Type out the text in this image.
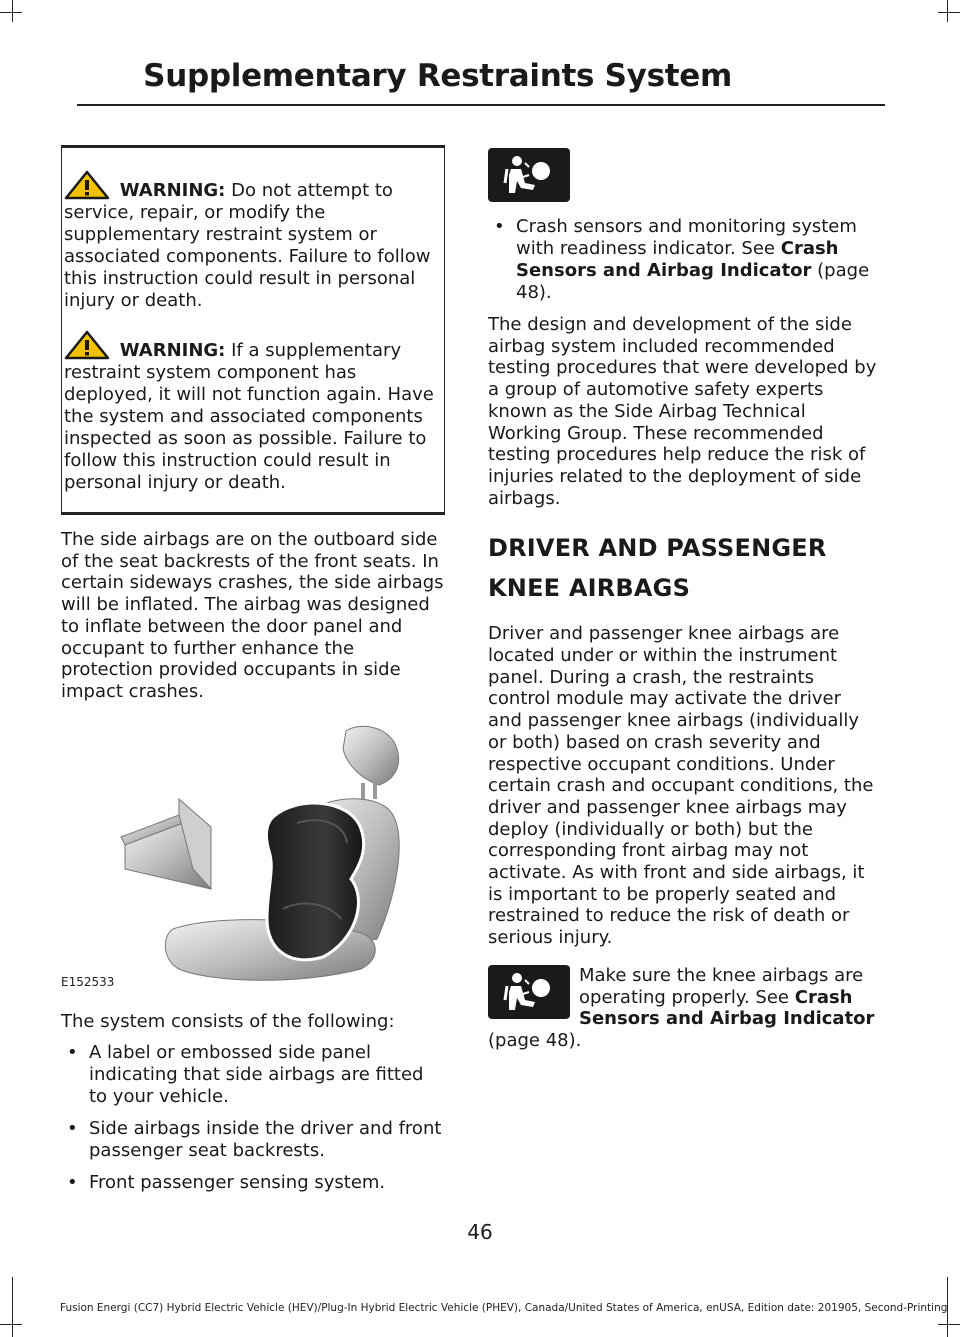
Supplementary Restraints System
WARNING: Do not attempt to service, repair, or modify the supplementary restraint system or associated components. Failure to follow this instruction could result in personal injury or death.
WARNING: If a supplementary restraint system component has deployed, it will not function again. Have the system and associated components inspected as soon as possible. Failure to follow this instruction could result in personal injury or death.

The side airbags are on the outboard side of the seat backrests of the front seats. In certain sideways crashes, the side airbags will be inflated. The airbag was designed to inflate between the door panel and occupant to further enhance the protection provided occupants in side impact crashes.

E152533

The system consists of the following:

• A label or embossed side panel indicating that side airbags are fitted to your vehicle.
• Side airbags inside the driver and front passenger seat backrests.
• Front passenger sensing system.
• Crash sensors and monitoring system with readiness indicator. See Crash Sensors and Airbag Indicator (page 48).

The design and development of the side airbag system included recommended testing procedures that were developed by a group of automotive safety experts known as the Side Airbag Technical Working Group. These recommended testing procedures help reduce the risk of injuries related to the deployment of side airbags.

DRIVER AND PASSENGER
KNEE AIRBAGS

Driver and passenger knee airbags are located under or within the instrument panel. During a crash, the restraints control module may activate the driver and passenger knee airbags (individually or both) based on crash severity and respective occupant conditions. Under certain crash and occupant conditions, the driver and passenger knee airbags may deploy (individually or both) but the corresponding front airbag may not activate. As with front and side airbags, it is important to be properly seated and restrained to reduce the risk of death or serious injury.

Make sure the knee airbags are operating properly. See Crash Sensors and Airbag Indicator
(page 48).
46
Fusion Energi (CC7) Hybrid Electric Vehicle (HEV)/Plug-In Hybrid Electric Vehicle (PHEV), Canada/United States of America, enUSA, Edition date: 201905, Second-Printing
